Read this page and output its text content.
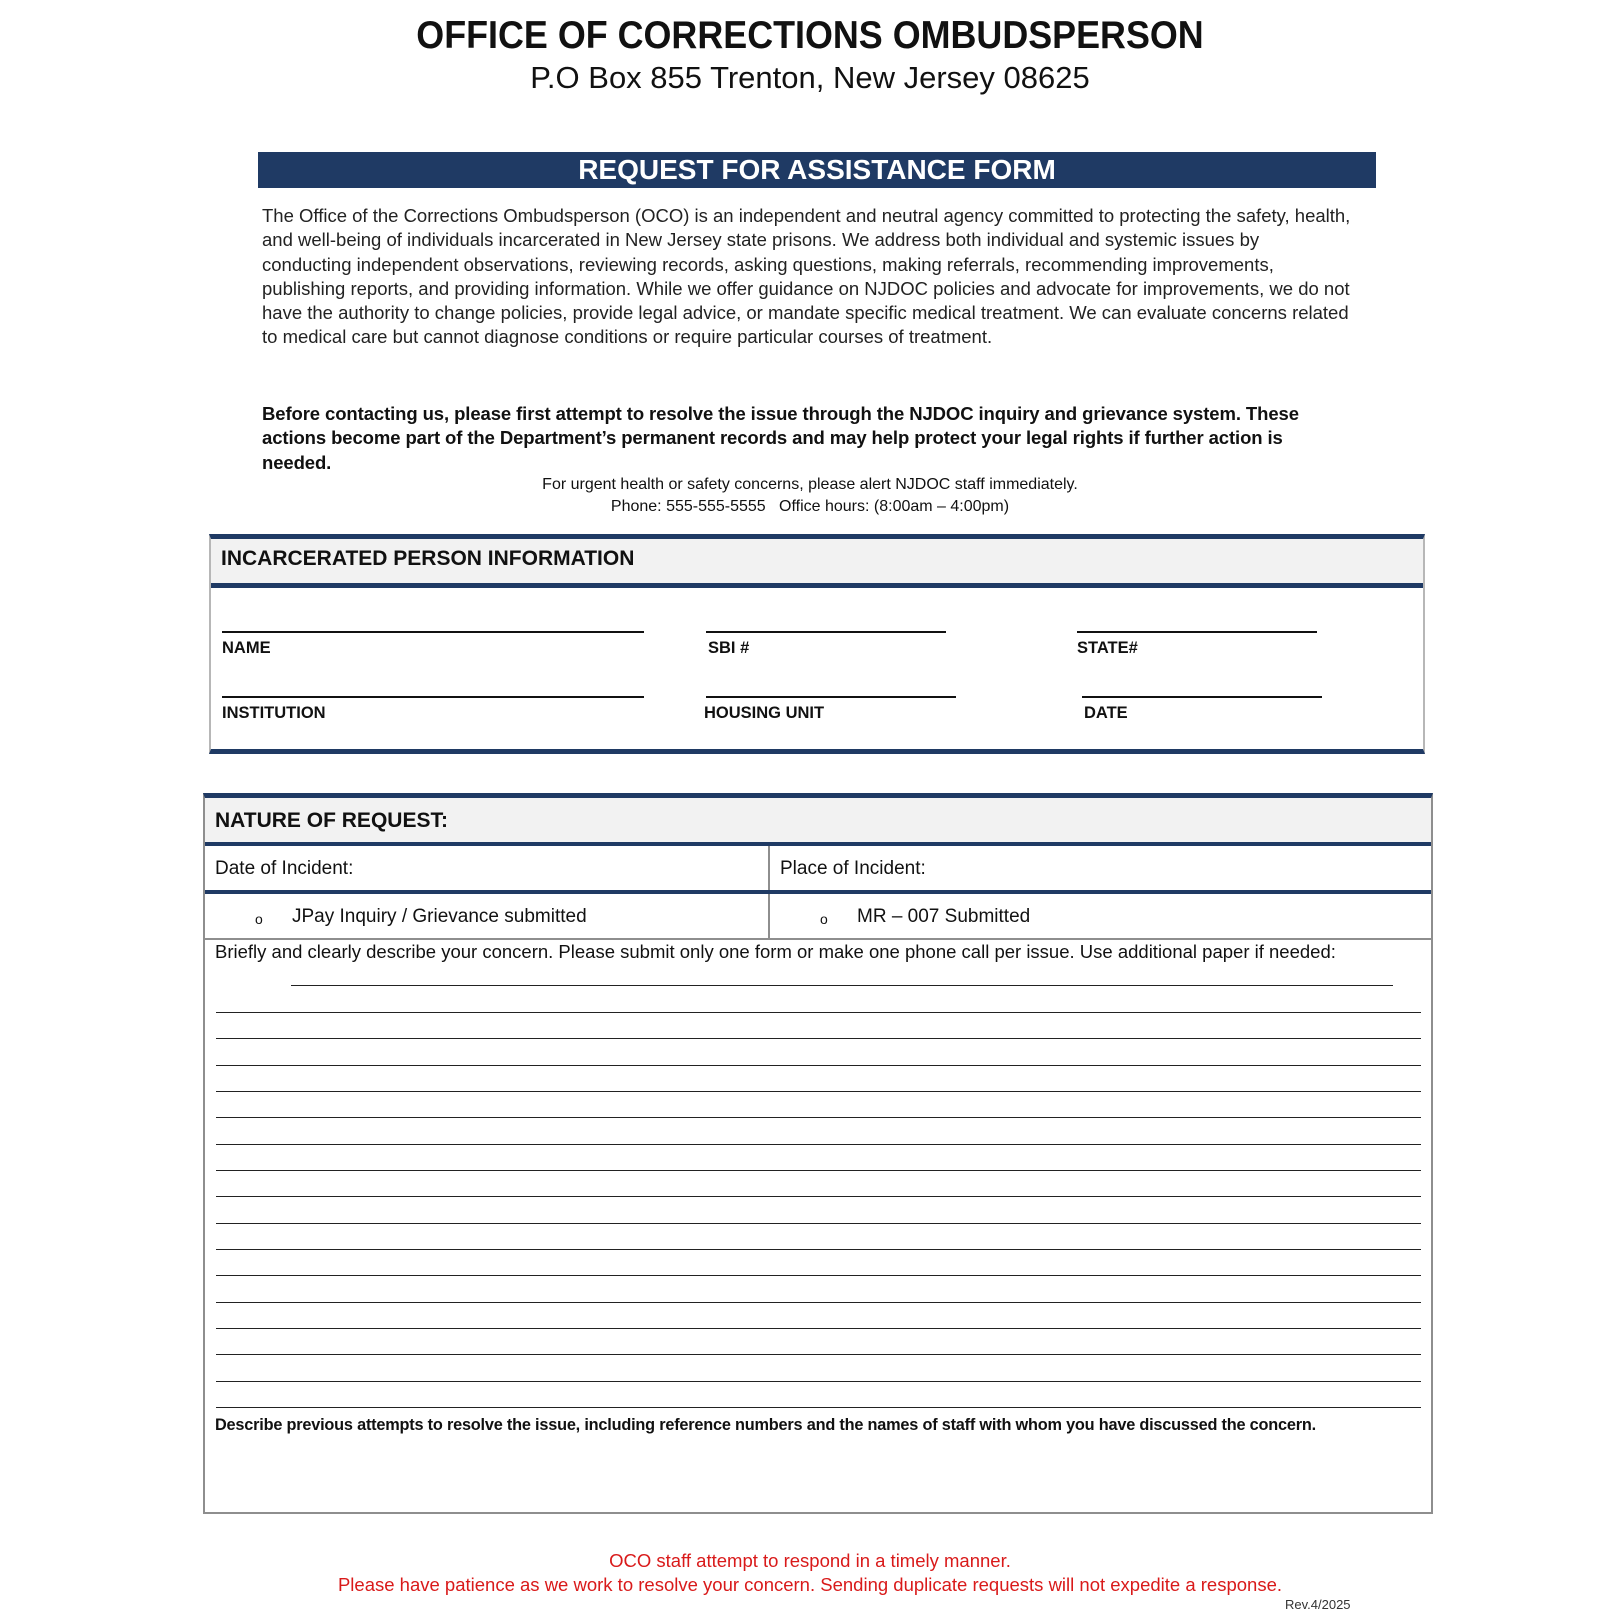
OFFICE OF CORRECTIONS OMBUDSPERSON
P.O Box 855 Trenton, New Jersey 08625
REQUEST FOR ASSISTANCE FORM
The Office of the Corrections Ombudsperson (OCO) is an independent and neutral agency committed to protecting the safety, health, and well-being of individuals incarcerated in New Jersey state prisons. We address both individual and systemic issues by conducting independent observations, reviewing records, asking questions, making referrals, recommending improvements, publishing reports, and providing information. While we offer guidance on NJDOC policies and advocate for improvements, we do not have the authority to change policies, provide legal advice, or mandate specific medical treatment. We can evaluate concerns related to medical care but cannot diagnose conditions or require particular courses of treatment.
Before contacting us, please first attempt to resolve the issue through the NJDOC inquiry and grievance system. These actions become part of the Department’s permanent records and may help protect your legal rights if further action is needed.
For urgent health or safety concerns, please alert NJDOC staff immediately.
Phone: 555-555-5555   Office hours: (8:00am – 4:00pm)
INCARCERATED PERSON INFORMATION
NAME	SBI #	STATE#
INSTITUTION	HOUSING UNIT	DATE
NATURE OF REQUEST:
Date of Incident:	Place of Incident:
o JPay Inquiry / Grievance submitted	o MR – 007 Submitted
Briefly and clearly describe your concern. Please submit only one form or make one phone call per issue. Use additional paper if needed:
Describe previous attempts to resolve the issue, including reference numbers and the names of staff with whom you have discussed the concern.
OCO staff attempt to respond in a timely manner.
Please have patience as we work to resolve your concern. Sending duplicate requests will not expedite a response.
Rev.4/2025
